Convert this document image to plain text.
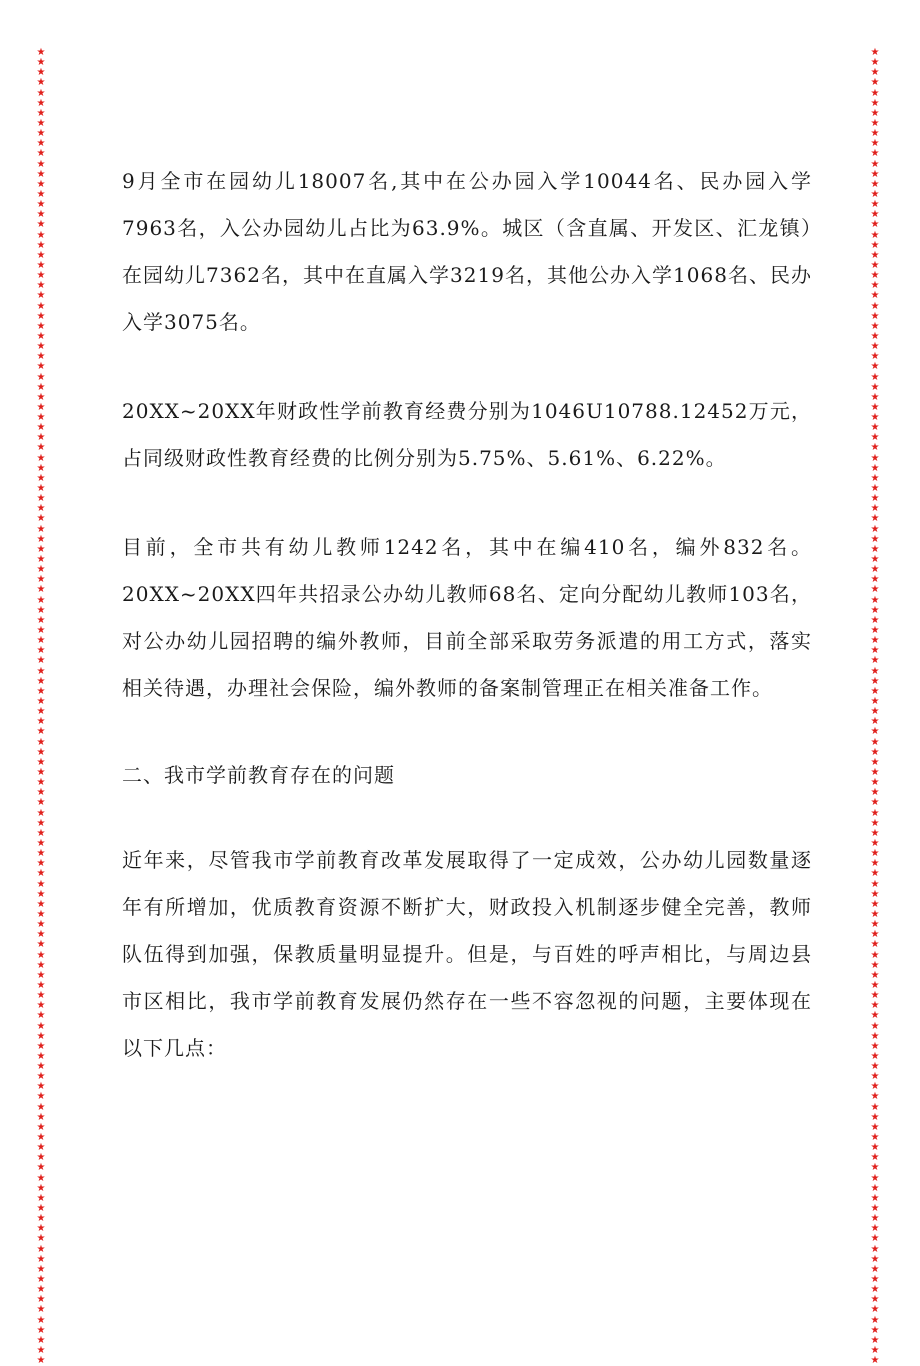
★
★
★
★
★
★
★
★
★
★
★
★
★
★
★
★
★
★
★
★
★
★
★
★
★
★
★
★
★
★
★
★
★
★
★
★
★
★
★
★
★
★
★
★
★
★
★
★
★
★
★
★
★
★
★
★
★
★
★
★
★
★
★
★
★
★
★
★
★
★
★
★
★
★
★
★
★
★
★
★
★
★
★
★
★
★
★
★
★
★
★
★
★
★
★
★
★
★
★
★
★
★
★
★
★
★
★
★
★
★
★
★
★
★
★
★
★
★
★
★
★
★
★
★
★
★
★
★
★
★
★
★
★
★
★
★
★
★
★
★
★
★
★
★
★
★
★
★
★
★
★
★
★
★
★
★
★
★
★
★
★
★
★
★
★
★
★
★
★
★
★
★
★
★
★
★
★
★
★
★
★
★
★
★
★
★
★
★
★
★
★
★
★
★
★
★
★
★
★
★
★
★
★
★
★
★
★
★
★
★
★
★
★
★
★
★
★
★
★
★
★
★
★
★
★
★
★
★
★
★
★
★
★
★
★
★
★
★
★
★
★
★
★
★
★
★
★
★
★
★
★
★
★
★
★
★
★
★
★
★

9月全市在园幼儿18007名,其中在公办园入学10044名、民办园入学7963名，入公办园幼儿占比为63.9%。城区（含直属、开发区、汇龙镇）在园幼儿7362名，其中在直属入学3219名，其他公办入学1068名、民办入学3075名。

20XX~20XX年财政性学前教育经费分别为1046U10788.12452万元，占同级财政性教育经费的比例分别为5.75%、5.61%、6.22%。

目前，全市共有幼儿教师1242名，其中在编410名，编外832名。20XX~20XX四年共招录公办幼儿教师68名、定向分配幼儿教师103名，对公办幼儿园招聘的编外教师，目前全部采取劳务派遣的用工方式，落实相关待遇，办理社会保险，编外教师的备案制管理正在相关准备工作。

二、我市学前教育存在的问题

近年来，尽管我市学前教育改革发展取得了一定成效，公办幼儿园数量逐年有所增加，优质教育资源不断扩大，财政投入机制逐步健全完善，教师队伍得到加强，保教质量明显提升。但是，与百姓的呼声相比，与周边县市区相比，我市学前教育发展仍然存在一些不容忽视的问题，主要体现在以下几点：
